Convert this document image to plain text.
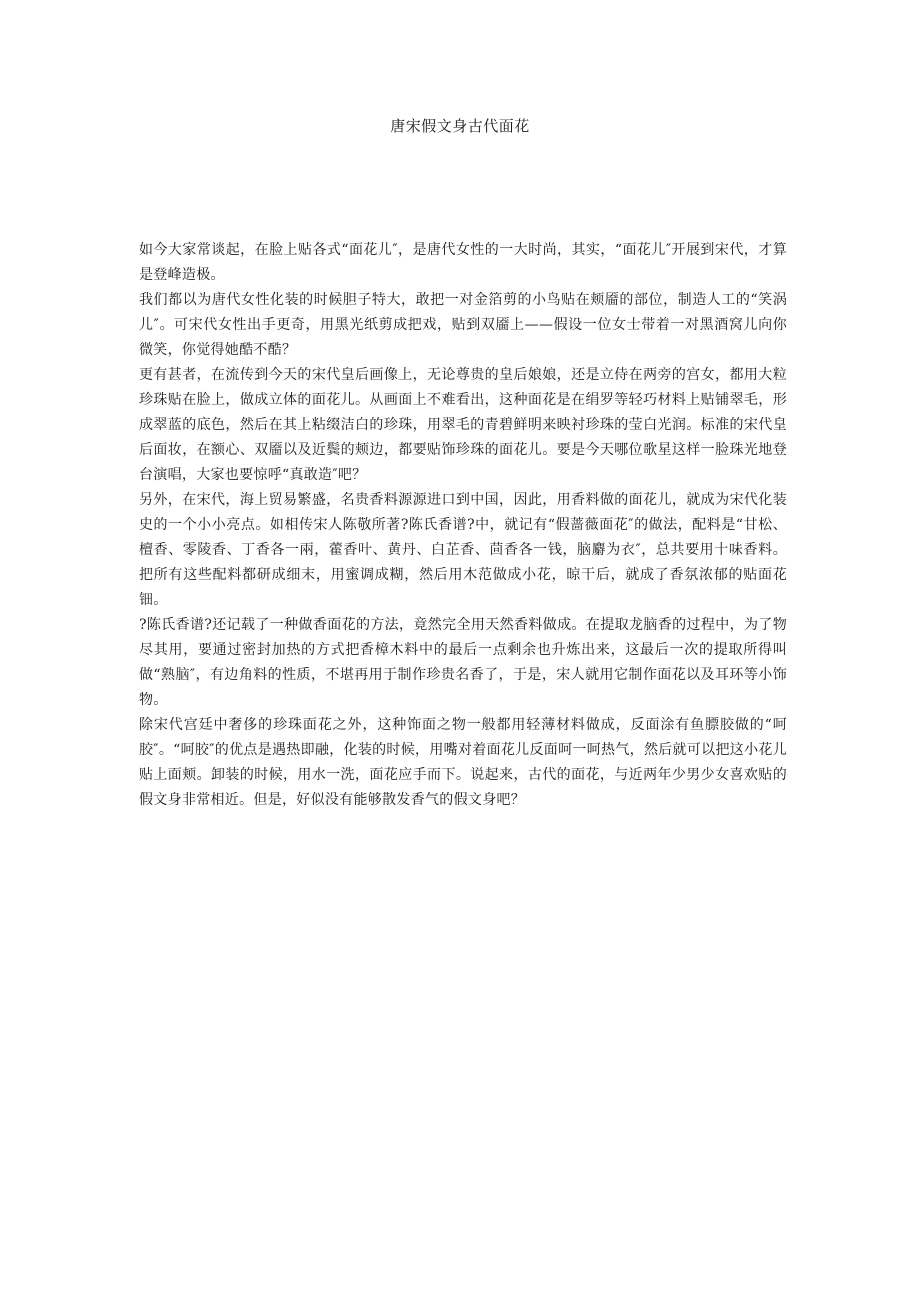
唐宋假文身古代面花

如今大家常谈起，在脸上贴各式“面花儿″，是唐代女性的一大时尚，其实，“面花儿″开展到宋代，才算是登峰造极。

我们都以为唐代女性化装的时候胆子特大，敢把一对金箔剪的小鸟贴在颊靥的部位，制造人工的“笑涡儿″。可宋代女性出手更奇，用黑光纸剪成把戏，贴到双靥上——假设一位女士带着一对黑酒窝儿向你微笑，你觉得她酷不酷？

更有甚者，在流传到今天的宋代皇后画像上，无论尊贵的皇后娘娘，还是立侍在两旁的宫女，都用大粒珍珠贴在脸上，做成立体的面花儿。从画面上不难看出，这种面花是在绢罗等轻巧材料上贴铺翠毛，形成翠蓝的底色，然后在其上粘缀洁白的珍珠，用翠毛的青碧鲜明来映衬珍珠的莹白光润。标准的宋代皇后面妆，在额心、双靥以及近鬓的颊边，都要贴饰珍珠的面花儿。要是今天哪位歌星这样一脸珠光地登台演唱，大家也要惊呼“真敢造″吧？

另外，在宋代，海上贸易繁盛，名贵香料源源进口到中国，因此，用香料做的面花儿，就成为宋代化装史的一个小小亮点。如相传宋人陈敬所著?陈氏香谱?中，就记有“假蔷薇面花″的做法，配料是“甘松、檀香、零陵香、丁香各一兩，藿香叶、黄丹、白芷香、茴香各一钱，脑麝为衣″，总共要用十味香料。把所有这些配料都研成细末，用蜜调成糊，然后用木范做成小花，晾干后，就成了香氛浓郁的贴面花钿。

?陈氏香谱?还记载了一种做香面花的方法，竟然完全用天然香料做成。在提取龙脑香的过程中，为了物尽其用，要通过密封加热的方式把香樟木料中的最后一点剩余也升炼出来，这最后一次的提取所得叫做“熟脑″，有边角料的性质，不堪再用于制作珍贵名香了，于是，宋人就用它制作面花以及耳环等小饰物。

除宋代宫廷中奢侈的珍珠面花之外，这种饰面之物一般都用轻薄材料做成，反面涂有鱼膘胶做的“呵胶″。“呵胶″的优点是遇热即融，化装的时候，用嘴对着面花儿反面呵一呵热气，然后就可以把这小花儿贴上面颊。卸装的时候，用水一洗，面花应手而下。说起来，古代的面花，与近两年少男少女喜欢贴的假文身非常相近。但是，好似没有能够散发香气的假文身吧？
